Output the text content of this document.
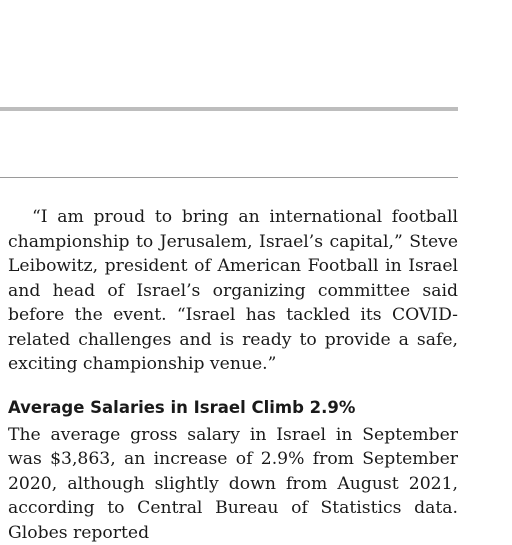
“I am proud to bring an international football championship to Jerusalem, Israel’s capital,” Steve Leibowitz, president of American Football in Israel and head of Israel’s organizing committee said before the event. “Israel has tackled its COVID-related challenges and is ready to provide a safe, exciting championship venue.”

Average Salaries in Israel Climb 2.9%

The average gross salary in Israel in September was $3,863, an increase of 2.9% from September 2020, although slightly down from August 2021, according to Central Bureau of Statistics data. Globes reported
